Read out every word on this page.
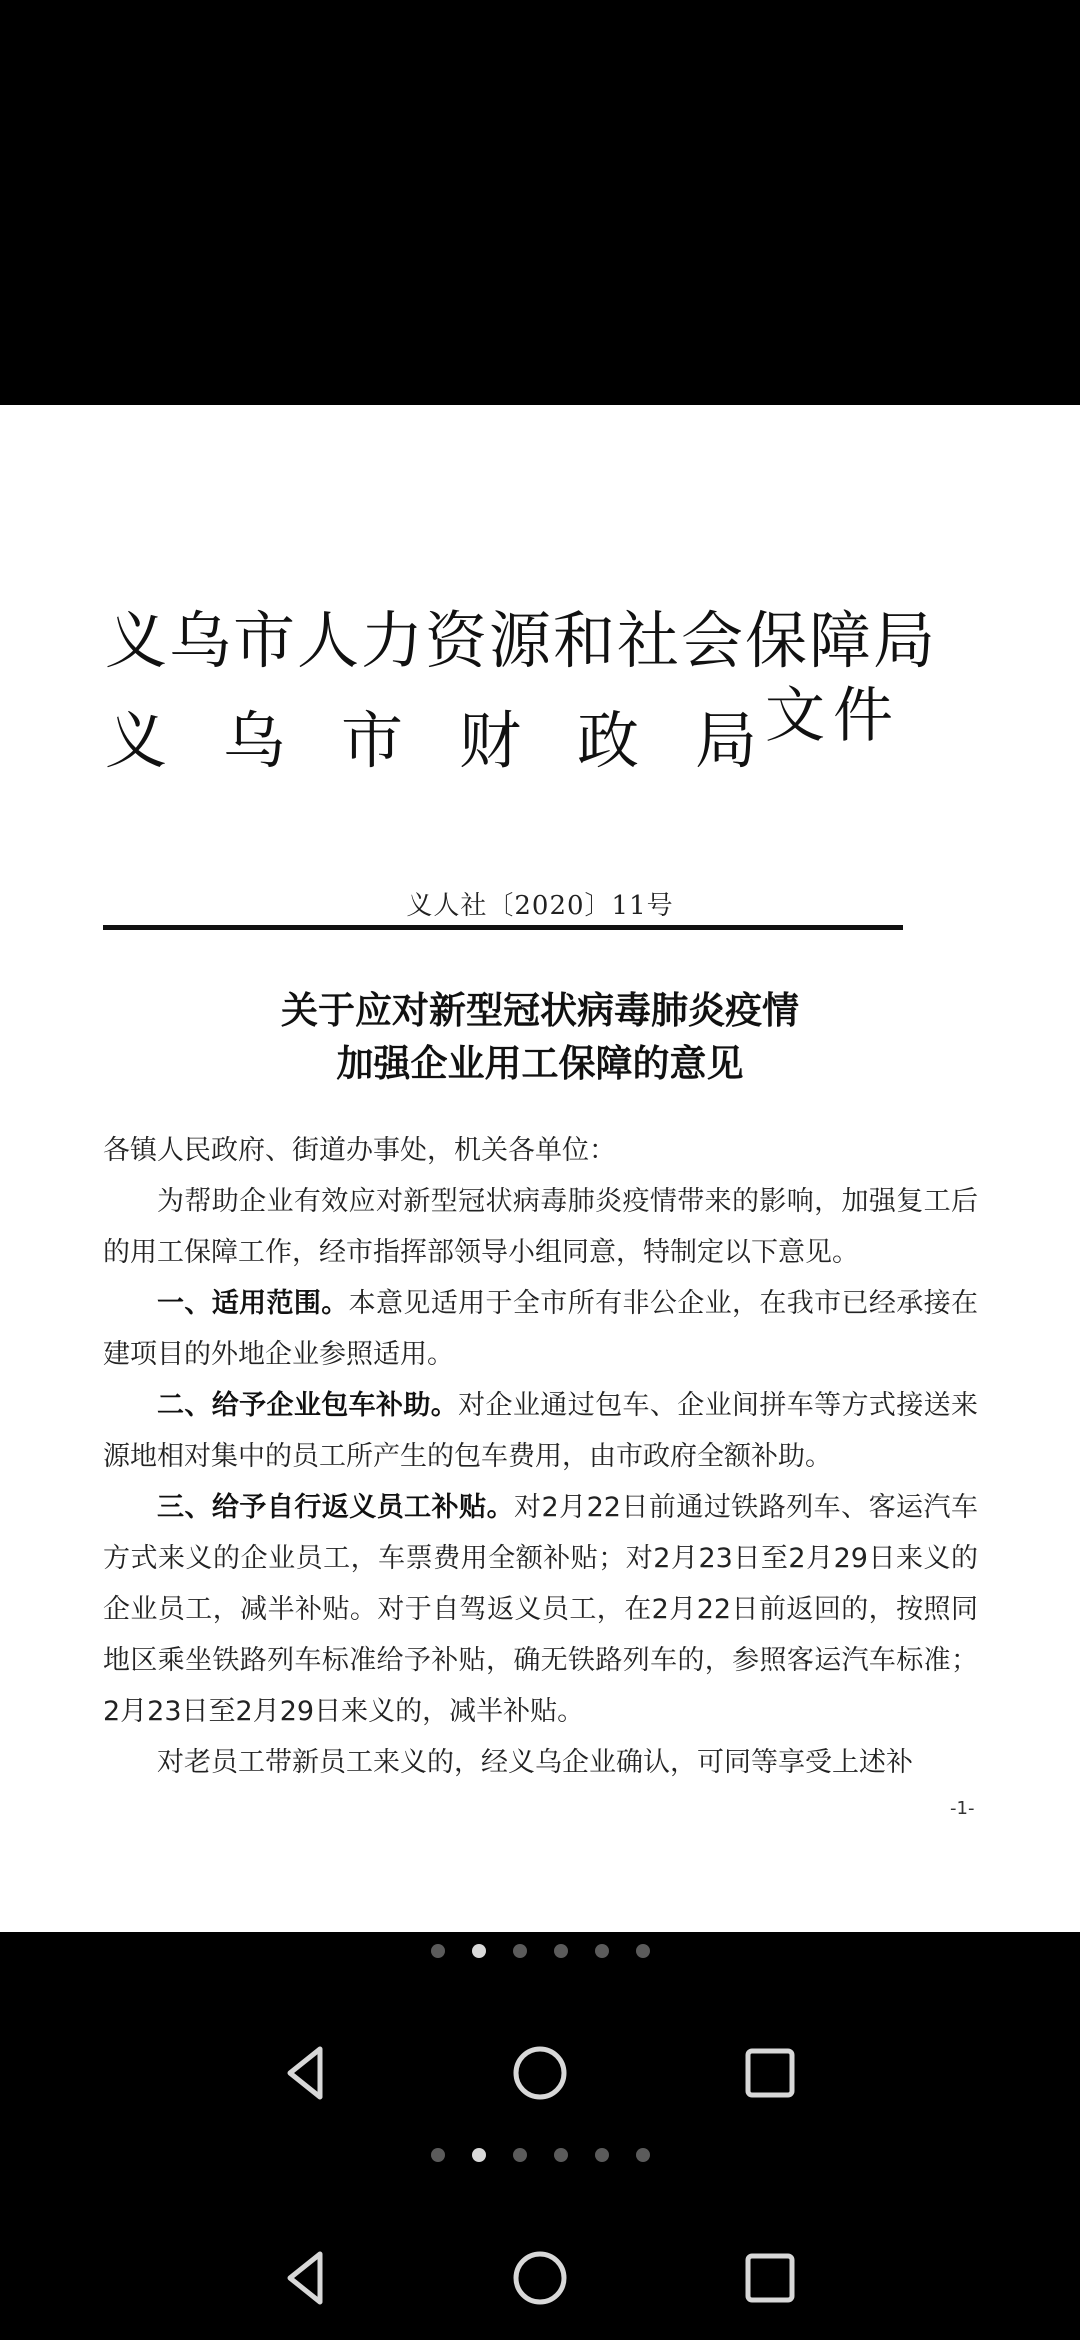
义乌市人力资源和社会保障局
义乌市财政局
文件
义人社〔2020〕11号
关于应对新型冠状病毒肺炎疫情
加强企业用工保障的意见

各镇人民政府、街道办事处，机关各单位：

为帮助企业有效应对新型冠状病毒肺炎疫情带来的影响，加强复工后的用工保障工作，经市指挥部领导小组同意，特制定以下意见。

一、适用范围。本意见适用于全市所有非公企业，在我市已经承接在建项目的外地企业参照适用。

二、给予企业包车补助。对企业通过包车、企业间拼车等方式接送来源地相对集中的员工所产生的包车费用，由市政府全额补助。

三、给予自行返义员工补贴。对2月22日前通过铁路列车、客运汽车方式来义的企业员工，车票费用全额补贴；对2月23日至2月29日来义的企业员工，减半补贴。对于自驾返义员工，在2月22日前返回的，按照同地区乘坐铁路列车标准给予补贴，确无铁路列车的，参照客运汽车标准；2月23日至2月29日来义的，减半补贴。

对老员工带新员工来义的，经义乌企业确认，可同等享受上述补

-1-
